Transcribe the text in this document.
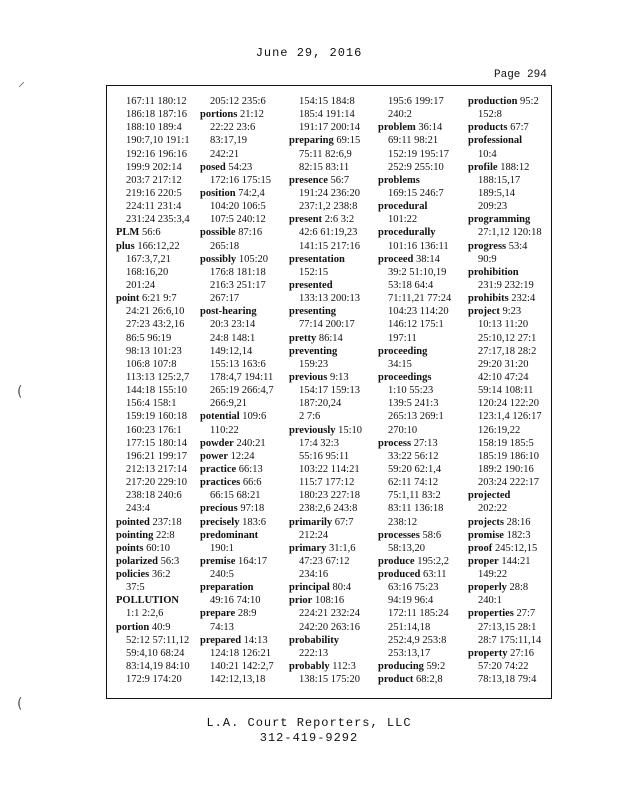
June 29, 2016
Page 294
⸝
(
(
167:11 180:12
186:18 187:16
188:10 189:4
190:7,10 191:1
192:16 196:16
199:9 202:14
203:7 217:12
219:16 220:5
224:11 231:4
231:24 235:3,4
PLM 56:6
plus 166:12,22
167:3,7,21
168:16,20
201:24
point 6:21 9:7
24:21 26:6,10
27:23 43:2,16
86:5 96:19
98:13 101:23
106:8 107:8
113:13 125:2,7
144:18 155:10
156:4 158:1
159:19 160:18
160:23 176:1
177:15 180:14
196:21 199:17
212:13 217:14
217:20 229:10
238:18 240:6
243:4
pointed 237:18
pointing 22:8
points 60:10
polarized 56:3
policies 36:2
37:5
POLLUTION
1:1 2:2,6
portion 40:9
52:12 57:11,12
59:4,10 68:24
83:14,19 84:10
172:9 174:20
205:12 235:6
portions 21:12
22:22 23:6
83:17,19
242:21
posed 54:23
172:16 175:15
position 74:2,4
104:20 106:5
107:5 240:12
possible 87:16
265:18
possibly 105:20
176:8 181:18
216:3 251:17
267:17
post-hearing
20:3 23:14
24:8 148:1
149:12,14
155:13 163:6
178:4,7 194:11
265:19 266:4,7
266:9,21
potential 109:6
110:22
powder 240:21
power 12:24
practice 66:13
practices 66:6
66:15 68:21
precious 97:18
precisely 183:6
predominant
190:1
premise 164:17
240:5
preparation
49:16 74:10
prepare 28:9
74:13
prepared 14:13
124:18 126:21
140:21 142:2,7
142:12,13,18
154:15 184:8
185:4 191:14
191:17 200:14
preparing 69:15
75:11 82:6,9
82:15 83:11
presence 56:7
191:24 236:20
237:1,2 238:8
present 2:6 3:2
42:6 61:19,23
141:15 217:16
presentation
152:15
presented
133:13 200:13
presenting
77:14 200:17
pretty 86:14
preventing
159:23
previous 9:13
154:17 159:13
187:20,24
2 7:6
previously 15:10
17:4 32:3
55:16 95:11
103:22 114:21
115:7 177:12
180:23 227:18
238:2,6 243:8
primarily 67:7
212:24
primary 31:1,6
47:23 67:12
234:16
principal 80:4
prior 108:16
224:21 232:24
242:20 263:16
probability
222:13
probably 112:3
138:15 175:20
195:6 199:17
240:2
problem 36:14
69:11 98:21
152:19 195:17
252:9 255:10
problems
169:15 246:7
procedural
101:22
procedurally
101:16 136:11
proceed 38:14
39:2 51:10,19
53:18 64:4
71:11,21 77:24
104:23 114:20
146:12 175:1
197:11
proceeding
34:15
proceedings
1:10 55:23
139:5 241:3
265:13 269:1
270:10
process 27:13
33:22 56:12
59:20 62:1,4
62:11 74:12
75:1,11 83:2
83:11 136:18
238:12
processes 58:6
58:13,20
produce 195:2,2
produced 63:11
63:16 75:23
94:19 96:4
172:11 185:24
251:14,18
252:4,9 253:8
253:13,17
producing 59:2
product 68:2,8
production 95:2
152:8
products 67:7
professional
10:4
profile 188:12
188:15,17
189:5,14
209:23
programming
27:1,12 120:18
progress 53:4
90:9
prohibition
231:9 232:19
prohibits 232:4
project 9:23
10:13 11:20
25:10,12 27:1
27:17,18 28:2
29:20 31:20
42:10 47:24
59:14 108:11
120:24 122:20
123:1,4 126:17
126:19,22
158:19 185:5
185:19 186:10
189:2 190:16
203:24 222:17
projected
202:22
projects 28:16
promise 182:3
proof 245:12,15
proper 144:21
149:22
properly 28:8
240:1
properties 27:7
27:13,15 28:1
28:7 175:11,14
property 27:16
57:20 74:22
78:13,18 79:4
L.A. Court Reporters, LLC
312-419-9292
